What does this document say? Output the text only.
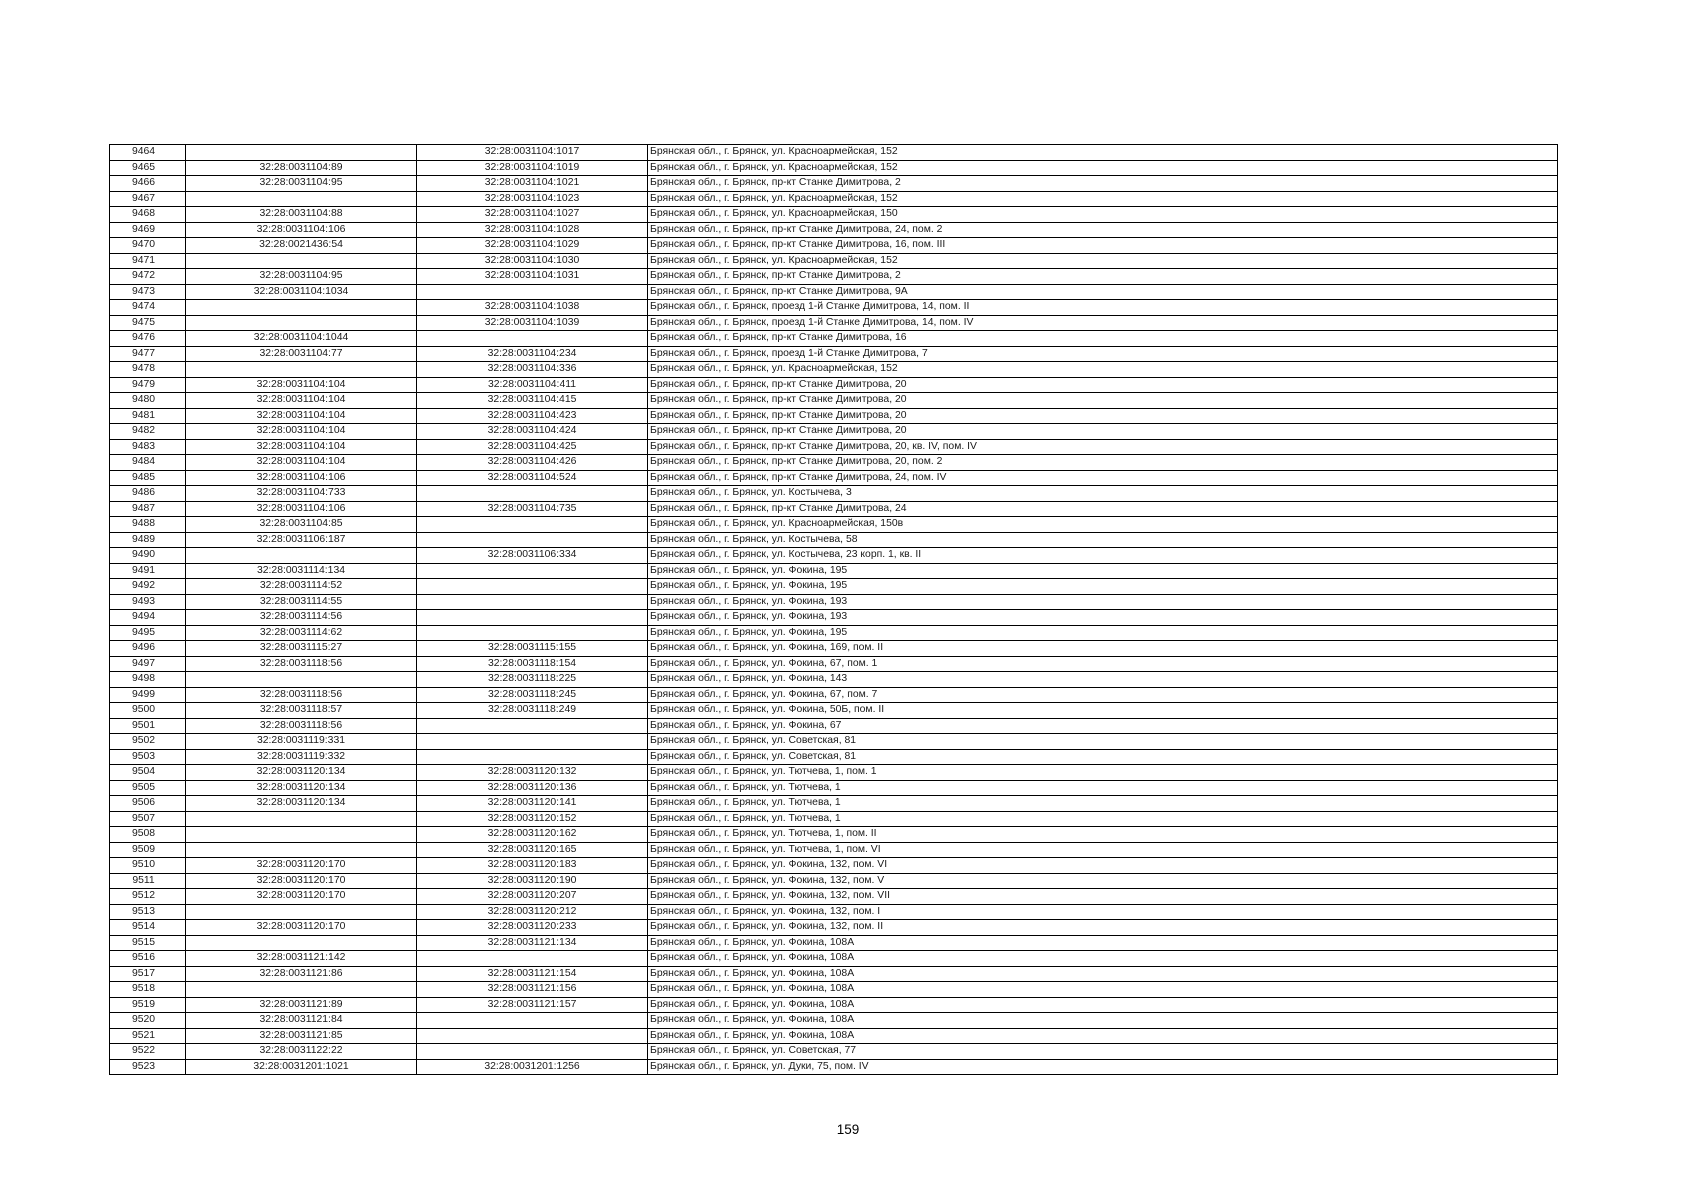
9464		32:28:0031104:1017	Брянская обл., г. Брянск, ул. Красноармейская, 152
9465	32:28:0031104:89	32:28:0031104:1019	Брянская обл., г. Брянск, ул. Красноармейская, 152
9466	32:28:0031104:95	32:28:0031104:1021	Брянская обл., г. Брянск, пр-кт Станке Димитрова, 2
9467		32:28:0031104:1023	Брянская обл., г. Брянск, ул. Красноармейская, 152
9468	32:28:0031104:88	32:28:0031104:1027	Брянская обл., г. Брянск, ул. Красноармейская, 150
9469	32:28:0031104:106	32:28:0031104:1028	Брянская обл., г. Брянск, пр-кт Станке Димитрова, 24, пом. 2
9470	32:28:0021436:54	32:28:0031104:1029	Брянская обл., г. Брянск, пр-кт Станке Димитрова, 16, пом. III
9471		32:28:0031104:1030	Брянская обл., г. Брянск, ул. Красноармейская, 152
9472	32:28:0031104:95	32:28:0031104:1031	Брянская обл., г. Брянск, пр-кт Станке Димитрова, 2
9473	32:28:0031104:1034		Брянская обл., г. Брянск, пр-кт Станке Димитрова, 9А
9474		32:28:0031104:1038	Брянская обл., г. Брянск, проезд 1-й Станке Димитрова, 14, пом. II
9475		32:28:0031104:1039	Брянская обл., г. Брянск, проезд 1-й Станке Димитрова, 14, пом. IV
9476	32:28:0031104:1044		Брянская обл., г. Брянск, пр-кт Станке Димитрова, 16
9477	32:28:0031104:77	32:28:0031104:234	Брянская обл., г. Брянск, проезд 1-й Станке Димитрова, 7
9478		32:28:0031104:336	Брянская обл., г. Брянск, ул. Красноармейская, 152
9479	32:28:0031104:104	32:28:0031104:411	Брянская обл., г. Брянск, пр-кт Станке Димитрова, 20
9480	32:28:0031104:104	32:28:0031104:415	Брянская обл., г. Брянск, пр-кт Станке Димитрова, 20
9481	32:28:0031104:104	32:28:0031104:423	Брянская обл., г. Брянск, пр-кт Станке Димитрова, 20
9482	32:28:0031104:104	32:28:0031104:424	Брянская обл., г. Брянск, пр-кт Станке Димитрова, 20
9483	32:28:0031104:104	32:28:0031104:425	Брянская обл., г. Брянск, пр-кт Станке Димитрова, 20, кв. IV, пом. IV
9484	32:28:0031104:104	32:28:0031104:426	Брянская обл., г. Брянск, пр-кт Станке Димитрова, 20, пом. 2
9485	32:28:0031104:106	32:28:0031104:524	Брянская обл., г. Брянск, пр-кт Станке Димитрова, 24, пом. IV
9486	32:28:0031104:733		Брянская обл., г. Брянск, ул. Костычева, 3
9487	32:28:0031104:106	32:28:0031104:735	Брянская обл., г. Брянск, пр-кт Станке Димитрова, 24
9488	32:28:0031104:85		Брянская обл., г. Брянск, ул. Красноармейская, 150в
9489	32:28:0031106:187		Брянская обл., г. Брянск, ул. Костычева, 58
9490		32:28:0031106:334	Брянская обл., г. Брянск, ул. Костычева, 23 корп. 1, кв. II
9491	32:28:0031114:134		Брянская обл., г. Брянск, ул. Фокина, 195
9492	32:28:0031114:52		Брянская обл., г. Брянск, ул. Фокина, 195
9493	32:28:0031114:55		Брянская обл., г. Брянск, ул. Фокина, 193
9494	32:28:0031114:56		Брянская обл., г. Брянск, ул. Фокина, 193
9495	32:28:0031114:62		Брянская обл., г. Брянск, ул. Фокина, 195
9496	32:28:0031115:27	32:28:0031115:155	Брянская обл., г. Брянск, ул. Фокина, 169, пом. II
9497	32:28:0031118:56	32:28:0031118:154	Брянская обл., г. Брянск, ул. Фокина, 67, пом. 1
9498		32:28:0031118:225	Брянская обл., г. Брянск, ул. Фокина, 143
9499	32:28:0031118:56	32:28:0031118:245	Брянская обл., г. Брянск, ул. Фокина, 67, пом. 7
9500	32:28:0031118:57	32:28:0031118:249	Брянская обл., г. Брянск, ул. Фокина, 50Б, пом. II
9501	32:28:0031118:56		Брянская обл., г. Брянск, ул. Фокина, 67
9502	32:28:0031119:331		Брянская обл., г. Брянск, ул. Советская, 81
9503	32:28:0031119:332		Брянская обл., г. Брянск, ул. Советская, 81
9504	32:28:0031120:134	32:28:0031120:132	Брянская обл., г. Брянск, ул. Тютчева, 1, пом. 1
9505	32:28:0031120:134	32:28:0031120:136	Брянская обл., г. Брянск, ул. Тютчева, 1
9506	32:28:0031120:134	32:28:0031120:141	Брянская обл., г. Брянск, ул. Тютчева, 1
9507		32:28:0031120:152	Брянская обл., г. Брянск, ул. Тютчева, 1
9508		32:28:0031120:162	Брянская обл., г. Брянск, ул. Тютчева, 1, пом. II
9509		32:28:0031120:165	Брянская обл., г. Брянск, ул. Тютчева, 1, пом. VI
9510	32:28:0031120:170	32:28:0031120:183	Брянская обл., г. Брянск, ул. Фокина, 132, пом. VI
9511	32:28:0031120:170	32:28:0031120:190	Брянская обл., г. Брянск, ул. Фокина, 132, пом. V
9512	32:28:0031120:170	32:28:0031120:207	Брянская обл., г. Брянск, ул. Фокина, 132, пом. VII
9513		32:28:0031120:212	Брянская обл., г. Брянск, ул. Фокина, 132, пом. I
9514	32:28:0031120:170	32:28:0031120:233	Брянская обл., г. Брянск, ул. Фокина, 132, пом. II
9515		32:28:0031121:134	Брянская обл., г. Брянск, ул. Фокина, 108А
9516	32:28:0031121:142		Брянская обл., г. Брянск, ул. Фокина, 108А
9517	32:28:0031121:86	32:28:0031121:154	Брянская обл., г. Брянск, ул. Фокина, 108А
9518		32:28:0031121:156	Брянская обл., г. Брянск, ул. Фокина, 108А
9519	32:28:0031121:89	32:28:0031121:157	Брянская обл., г. Брянск, ул. Фокина, 108А
9520	32:28:0031121:84		Брянская обл., г. Брянск, ул. Фокина, 108А
9521	32:28:0031121:85		Брянская обл., г. Брянск, ул. Фокина, 108А
9522	32:28:0031122:22		Брянская обл., г. Брянск, ул. Советская, 77
9523	32:28:0031201:1021	32:28:0031201:1256	Брянская обл., г. Брянск, ул. Дуки, 75, пом. IV
159
